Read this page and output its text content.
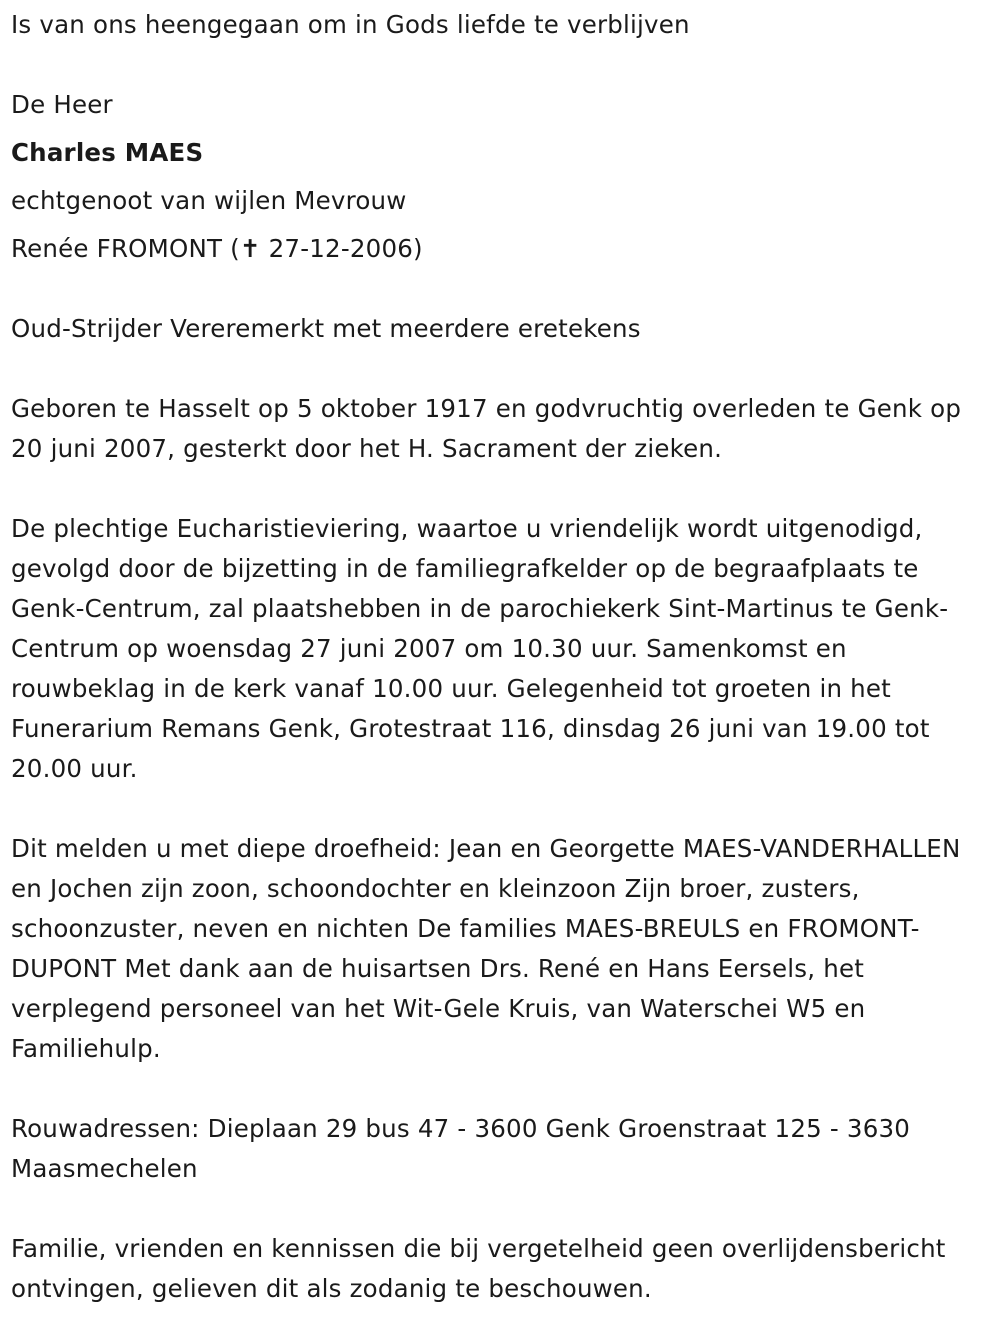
Is van ons heengegaan om in Gods liefde te verblijven
De Heer
Charles MAES
echtgenoot van wijlen Mevrouw
Renée FROMONT (✝ 27-12-2006)
Oud-Strijder Vereremerkt met meerdere eretekens
Geboren te Hasselt op 5 oktober 1917 en godvruchtig overleden te Genk op 20 juni 2007, gesterkt door het H. Sacrament der zieken.
De plechtige Eucharistieviering, waartoe u vriendelijk wordt uitgenodigd, gevolgd door de bijzetting in de familiegrafkelder op de begraafplaats te Genk-Centrum, zal plaatshebben in de parochiekerk Sint-Martinus te Genk-Centrum op woensdag 27 juni 2007 om 10.30 uur. Samenkomst en rouwbeklag in de kerk vanaf 10.00 uur. Gelegenheid tot groeten in het Funerarium Remans Genk, Grotestraat 116, dinsdag 26 juni van 19.00 tot 20.00 uur.
Dit melden u met diepe droefheid: Jean en Georgette MAES-VANDERHALLEN en Jochen zijn zoon, schoondochter en kleinzoon Zijn broer, zusters, schoonzuster, neven en nichten De families MAES-BREULS en FROMONT-DUPONT Met dank aan de huisartsen Drs. René en Hans Eersels, het verplegend personeel van het Wit-Gele Kruis, van Waterschei W5 en Familiehulp.
Rouwadressen: Dieplaan 29 bus 47 - 3600 Genk Groenstraat 125 - 3630 Maasmechelen
Familie, vrienden en kennissen die bij vergetelheid geen overlijdensbericht ontvingen, gelieven dit als zodanig te beschouwen.
